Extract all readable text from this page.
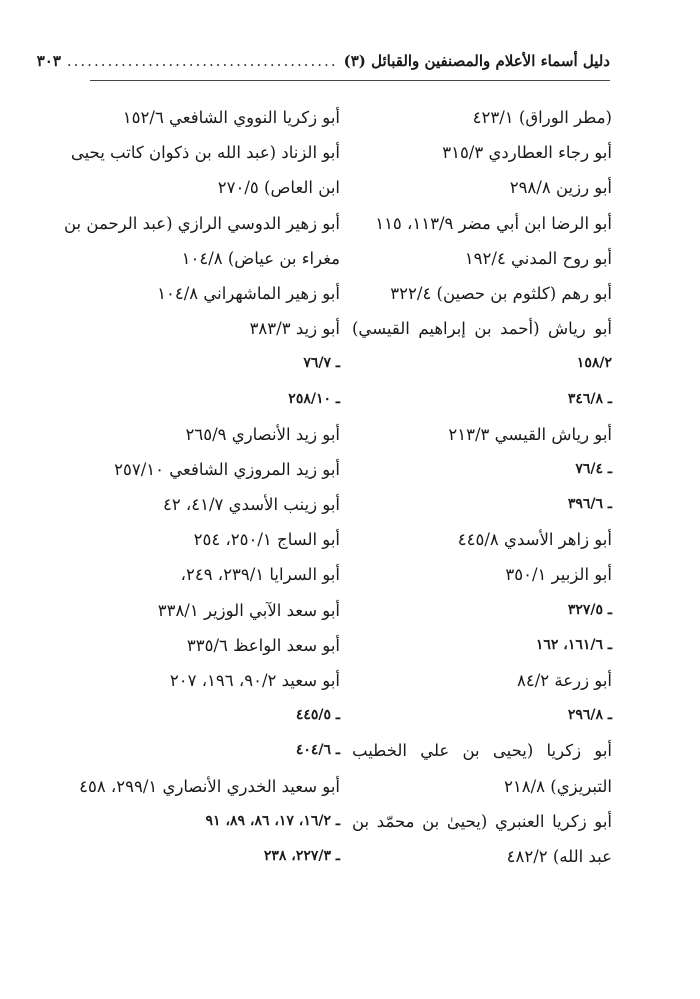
دليل أسماء الأعلام والمصنفين والقبائل (٣)
........................................
٣٠٣
(مطر الوراق) ٤٢٣/١
أبو رجاء العطاردي ٣١٥/٣
أبو رزين ٢٩٨/٨
أبو الرضا ابن أبي مضر ١١٣/٩، ١١٥
أبو روح المدني ١٩٢/٤
أبو رهم (كلثوم بن حصين) ٣٢٢/٤
أبو رياش (أحمد بن إبراهيم القيسي)
١٥٨/٢
ـ ٣٤٦/٨
أبو رياش القيسي ٢١٣/٣
ـ ٧٦/٤
ـ ٣٩٦/٦
أبو زاهر الأسدي ٤٤٥/٨
أبو الزبير ٣٥٠/١
ـ ٣٢٧/٥
ـ ١٦١/٦، ١٦٢
أبو زرعة ٨٤/٢
ـ ٢٩٦/٨
أبو زكريا (يحيى بن علي الخطيب
التبريزي) ٢١٨/٨
أبو زكريا العنبري (يحيىٰ بن محمّد بن
عبد الله) ٤٨٢/٢
أبو زكريا النووي الشافعي ١٥٢/٦
أبو الزناد (عبد الله بن ذكوان كاتب يحيى
ابن العاص) ٢٧٠/٥
أبو زهير الدوسي الرازي (عبد الرحمن بن
مغراء بن عياض) ١٠٤/٨
أبو زهير الماشهراني ١٠٤/٨
أبو زيد ٣٨٣/٣
ـ ٧٦/٧
ـ ٢٥٨/١٠
أبو زيد الأنصاري ٢٦٥/٩
أبو زيد المروزي الشافعي ٢٥٧/١٠
أبو زينب الأسدي ٤١/٧، ٤٢
أبو الساج ٢٥٠/١، ٢٥٤
أبو السرايا ٢٣٩/١، ٢٤٩،
أبو سعد الآبي الوزير ٣٣٨/١
أبو سعد الواعظ ٣٣٥/٦
أبو سعيد ٩٠/٢، ١٩٦، ٢٠٧
ـ ٤٤٥/٥
ـ ٤٠٤/٦
أبو سعيد الخدري الأنصاري ٢٩٩/١، ٤٥٨
ـ ١٦/٢، ١٧، ٨٦، ٨٩، ٩١
ـ ٢٢٧/٣، ٢٣٨
